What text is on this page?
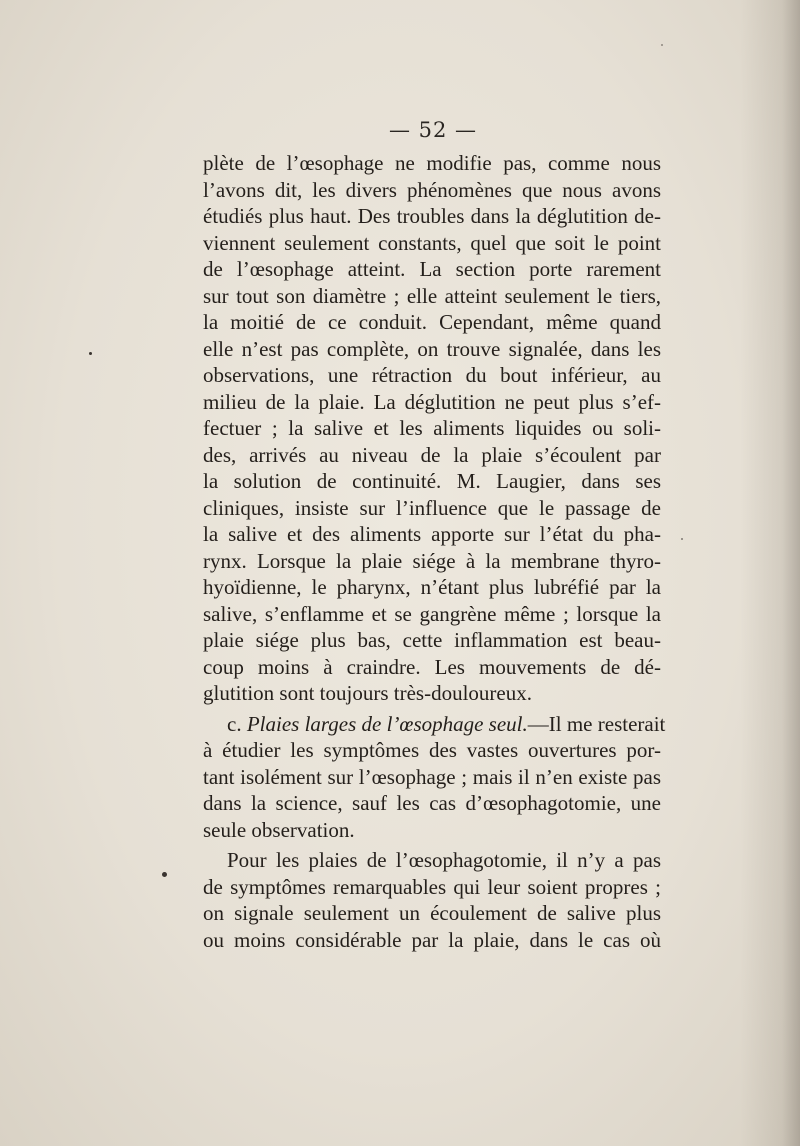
— 52 —
plète de l’œsophage ne modifie pas, comme nous
l’avons dit, les divers phénomènes que nous avons
étudiés plus haut. Des troubles dans la déglutition de-
viennent seulement constants, quel que soit le point
de l’œsophage atteint. La section porte rarement
sur tout son diamètre ; elle atteint seulement le tiers,
la moitié de ce conduit. Cependant, même quand
elle n’est pas complète, on trouve signalée, dans les
observations, une rétraction du bout inférieur, au
milieu de la plaie. La déglutition ne peut plus s’ef-
fectuer ; la salive et les aliments liquides ou soli-
des, arrivés au niveau de la plaie s’écoulent par
la solution de continuité. M. Laugier, dans ses
cliniques, insiste sur l’influence que le passage de
la salive et des aliments apporte sur l’état du pha-
rynx. Lorsque la plaie siége à la membrane thyro-
hyoïdienne, le pharynx, n’étant plus lubréfié par la
salive, s’enflamme et se gangrène même ; lorsque la
plaie siége plus bas, cette inflammation est beau-
coup moins à craindre. Les mouvements de dé-
glutition sont toujours très-douloureux.
c. Plaies larges de l’œsophage seul.—Il me resterait
à étudier les symptômes des vastes ouvertures por-
tant isolément sur l’œsophage ; mais il n’en existe pas
dans la science, sauf les cas d’œsophagotomie, une
seule observation.
Pour les plaies de l’œsophagotomie, il n’y a pas
de symptômes remarquables qui leur soient propres ;
on signale seulement un écoulement de salive plus
ou moins considérable par la plaie, dans le cas où
